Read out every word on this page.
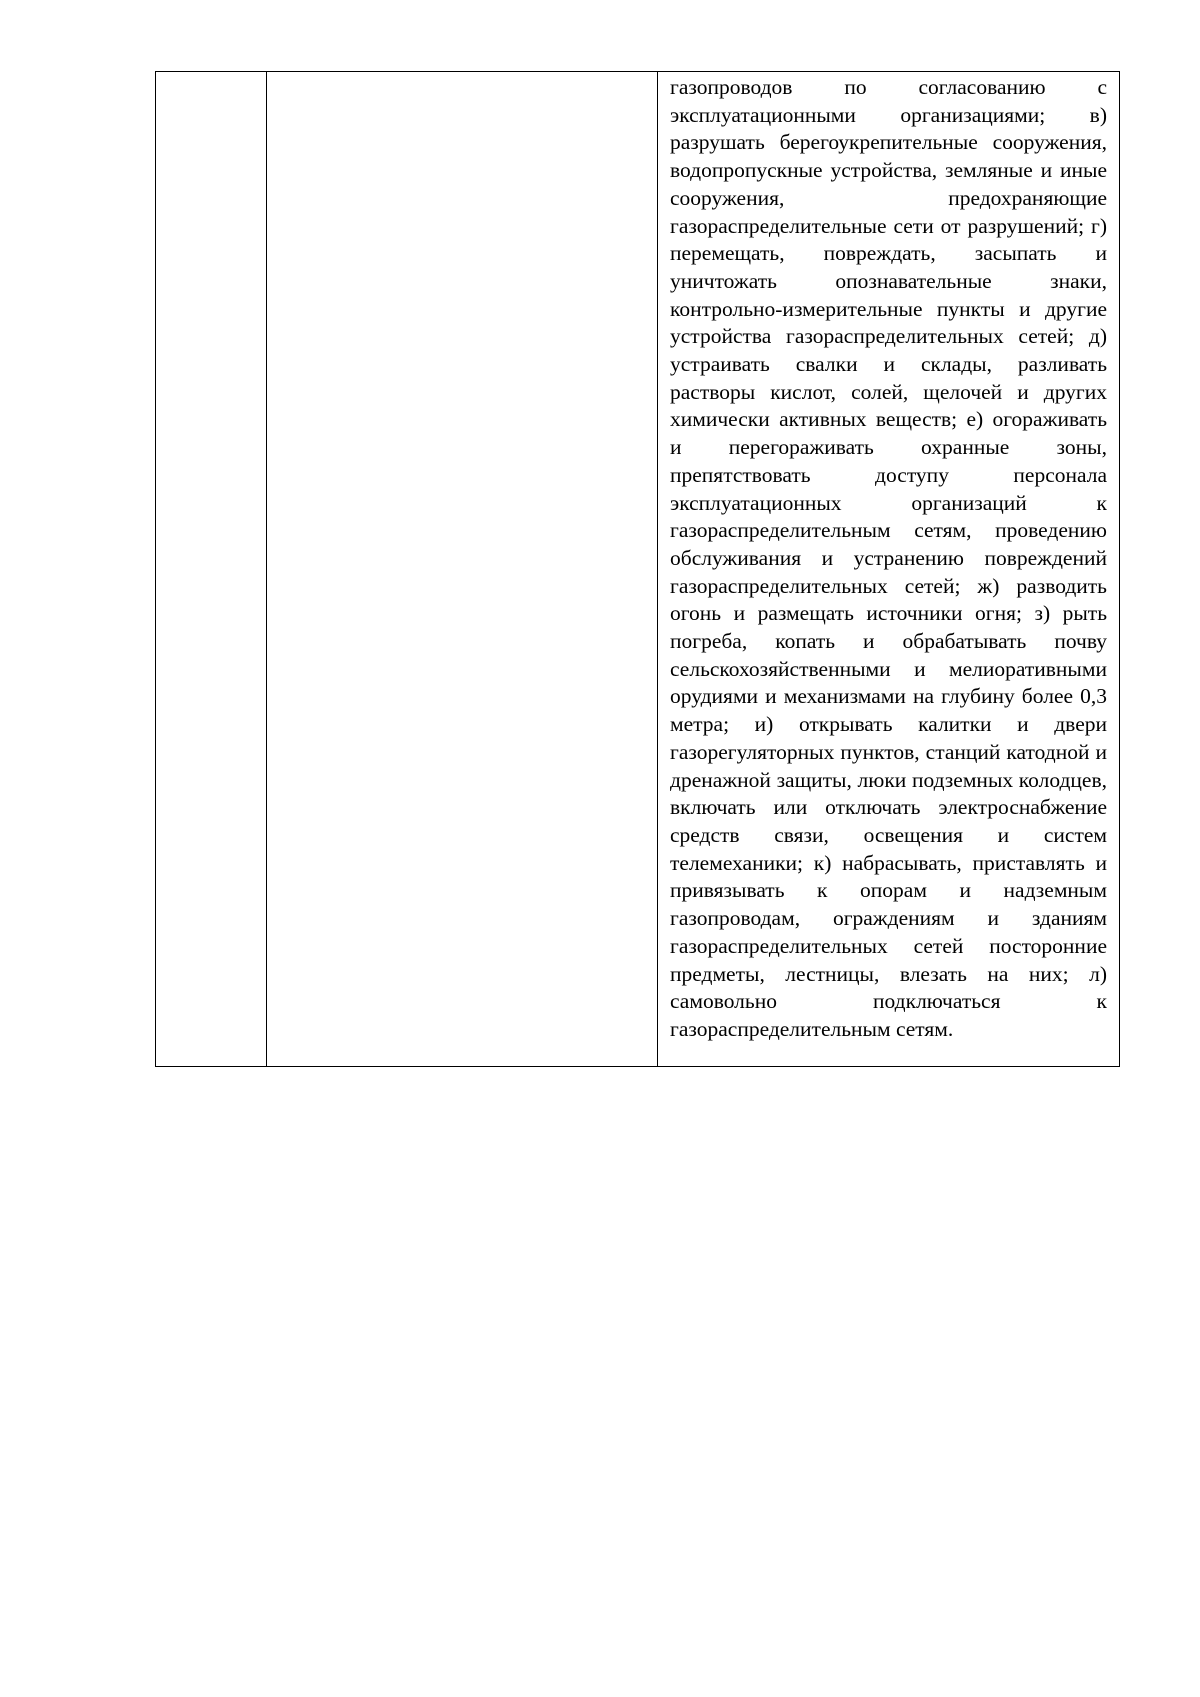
газопроводов по согласованию с эксплуатационными организациями; в) разрушать берегоукрепительные сооружения, водопропускные устройства, земляные и иные сооружения, предохраняющие газораспределительные сети от разрушений; г) перемещать, повреждать, засыпать и уничтожать опознавательные знаки, контрольно-измерительные пункты и другие устройства газораспределительных сетей; д) устраивать свалки и склады, разливать растворы кислот, солей, щелочей и других химически активных веществ; е) огораживать и перегораживать охранные зоны, препятствовать доступу персонала эксплуатационных организаций к газораспределительным сетям, проведению обслуживания и устранению повреждений газораспределительных сетей; ж) разводить огонь и размещать источники огня; з) рыть погреба, копать и обрабатывать почву сельскохозяйственными и мелиоративными орудиями и механизмами на глубину более 0,3 метра; и) открывать калитки и двери газорегуляторных пунктов, станций катодной и дренажной защиты, люки подземных колодцев, включать или отключать электроснабжение средств связи, освещения и систем телемеханики; к) набрасывать, приставлять и привязывать к опорам и надземным газопроводам, ограждениям и зданиям газораспределительных сетей посторонние предметы, лестницы, влезать на них; л) самовольно подключаться к газораспределительным сетям.
